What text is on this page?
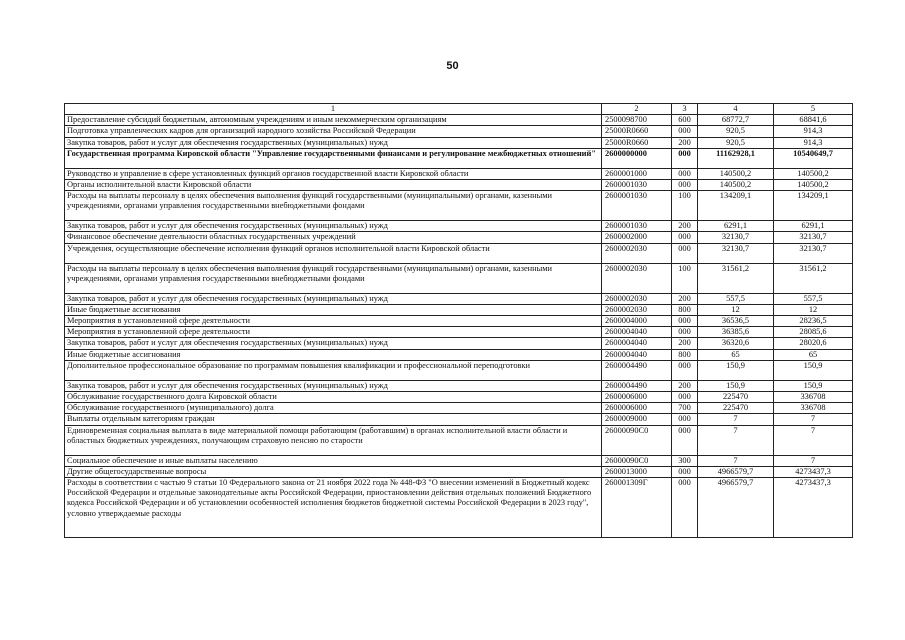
50
1	2	3	4	5
Предоставление субсидий бюджетным, автономным учреждениям и иным некоммерческим организациям	2500098700	600	68772,7	68841,6
Подготовка управленческих кадров для организаций народного хозяйства Российской Федерации	25000R0660	000	920,5	914,3
Закупка товаров, работ и услуг для обеспечения государственных (муниципальных) нужд	25000R0660	200	920,5	914,3
Государственная программа Кировской области "Управление государственными финансами и регулирование межбюджетных отношений"	2600000000	000	11162928,1	10540649,7
Руководство и управление в сфере установленных функций органов государственной власти Кировской области	2600001000	000	140500,2	140500,2
Органы исполнительной власти Кировской области	2600001030	000	140500,2	140500,2
Расходы на выплаты персоналу в целях обеспечения выполнения функций государственными (муниципальными) органами, казенными учреждениями, органами управления государственными внебюджетными фондами	2600001030	100	134209,1	134209,1
Закупка товаров, работ и услуг для обеспечения государственных (муниципальных) нужд	2600001030	200	6291,1	6291,1
Финансовое обеспечение деятельности областных государственных учреждений	2600002000	000	32130,7	32130,7
Учреждения, осуществляющие обеспечение исполнения функций органов исполнительной власти Кировской области	2600002030	000	32130,7	32130,7
Расходы на выплаты персоналу в целях обеспечения выполнения функций государственными (муниципальными) органами, казенными учреждениями, органами управления государственными внебюджетными фондами	2600002030	100	31561,2	31561,2
Закупка товаров, работ и услуг для обеспечения государственных (муниципальных) нужд	2600002030	200	557,5	557,5
Иные бюджетные ассигнования	2600002030	800	12	12
Мероприятия в установленной сфере деятельности	2600004000	000	36536,5	28236,5
Мероприятия в установленной сфере деятельности	2600004040	000	36385,6	28085,6
Закупка товаров, работ и услуг для обеспечения государственных (муниципальных) нужд	2600004040	200	36320,6	28020,6
Иные бюджетные ассигнования	2600004040	800	65	65
Дополнительное профессиональное образование по программам повышения квалификации и профессиональной переподготовки	2600004490	000	150,9	150,9
Закупка товаров, работ и услуг для обеспечения государственных (муниципальных) нужд	2600004490	200	150,9	150,9
Обслуживание государственного долга Кировской области	2600006000	000	225470	336708
Обслуживание государственного (муниципального) долга	2600006000	700	225470	336708
Выплаты отдельным категориям граждан	2600009000	000	7	7
Единовременная социальная выплата в виде материальной помощи работающим (работавшим) в органах исполнительной власти области и областных бюджетных учреждениях, получающим страховую пенсию по старости	26000090С0	000	7	7
Социальное обеспечение и иные выплаты населению	26000090С0	300	7	7
Другие общегосударственные вопросы	2600013000	000	4966579,7	4273437,3
Расходы в соответствии с частью 9 статьи 10 Федерального закона от 21 ноября 2022 года № 448-ФЗ "О внесении изменений в Бюджетный кодекс Российской Федерации и отдельные законодательные акты Российской Федерации, приостановлении действия отдельных положений Бюджетного кодекса Российской Федерации и об установлении особенностей исполнения бюджетов бюджетной системы Российской Федерации в 2023 году", условно утверждаемые расходы	260001309Г	000	4966579,7	4273437,3
